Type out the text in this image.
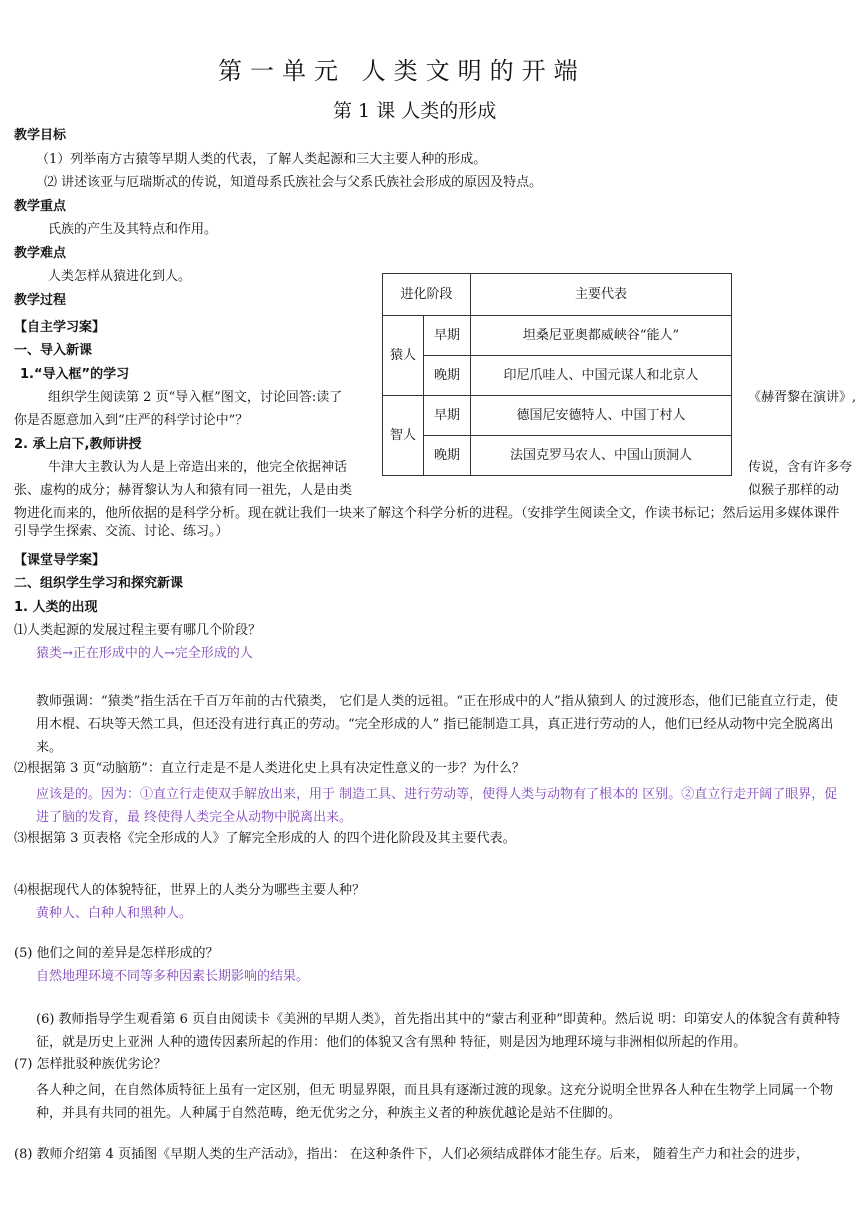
第一单元 人类文明的开端
第 1 课 人类的形成
教学目标
（1）列举南方古猿等早期人类的代表，了解人类起源和三大主要人种的形成。
⑵ 讲述该亚与厄瑞斯忒的传说，知道母系氏族社会与父系氏族社会形成的原因及特点。
教学重点
氏族的产生及其特点和作用。
教学难点
人类怎样从猿进化到人。
教学过程
【自主学习案】
一、导入新课
1.“导入框”的学习
组织学生阅读第 2 页“导入框”图文，讨论回答:读了	《赫胥黎在演讲》,
你是否愿意加入到“庄严的科学讨论中”？
2. 承上启下,教师讲授
牛津大主教认为人是上帝造出来的，他完全依据神话	传说，含有许多夸
张、虚构的成分；赫胥黎认为人和猿有同一祖先，人是由类	似猴子那样的动
物进化而来的，他所依据的是科学分析。现在就让我们一块来了解这个科学分析的进程。（安排学生阅读全文，作读书标记；然后运用多媒体课件引导学生探索、交流、讨论、练习。）
进化阶段		主要代表
猿人	早期	坦桑尼亚奥都威峡谷“能人”
	晚期	印尼爪哇人、中国元谋人和北京人
智人	早期	德国尼安德特人、中国丁村人
	晚期	法国克罗马农人、中国山顶洞人
【课堂导学案】
二、组织学生学习和探究新课
1. 人类的出现
⑴人类起源的发展过程主要有哪几个阶段？
猿类→正在形成中的人→完全形成的人
教师强调：“猿类”指生活在千百万年前的古代猿类， 它们是人类的远祖。“正在形成中的人”指从猿到人 的过渡形态，他们已能直立行走，使用木棍、石块等天然工具，但还没有进行真正的劳动。“完全形成的人” 指已能制造工具，真正进行劳动的人，他们已经从动物中完全脱离出来。
⑵根据第 3 页“动脑筋”：直立行走是不是人类进化史上具有决定性意义的一步？为什么？
应该是的。因为：①直立行走使双手解放出来，用于 制造工具、进行劳动等，使得人类与动物有了根本的 区别。②直立行走开阔了眼界，促进了脑的发育，最 终使得人类完全从动物中脱离出来。
⑶根据第 3 页表格《完全形成的人》了解完全形成的人 的四个进化阶段及其主要代表。
⑷根据现代人的体貌特征，世界上的人类分为哪些主要人种？
黄种人、白种人和黑种人。
(5) 他们之间的差异是怎样形成的？
自然地理环境不同等多种因素长期影响的结果。
(6) 教师指导学生观看第 6 页自由阅读卡《美洲的早期人类》，首先指出其中的“蒙古利亚种”即黄种。然后说 明：印第安人的体貌含有黄种特征，就是历史上亚洲 人种的遗传因素所起的作用：他们的体貌又含有黑种 特征，则是因为地理环境与非洲相似所起的作用。
(7) 怎样批驳种族优劣论？
各人种之间，在自然体质特征上虽有一定区别，但无 明显界限，而且具有逐渐过渡的现象。这充分说明全世界各人种在生物学上同属一个物种，并具有共同的祖先。人种属于自然范畴，绝无优劣之分，种族主义者的种族优越论是站不住脚的。
(8) 教师介绍第 4 页插图《早期人类的生产活动》，指出： 在这种条件下，人们必须结成群体才能生存。后来， 随着生产力和社会的进步，
